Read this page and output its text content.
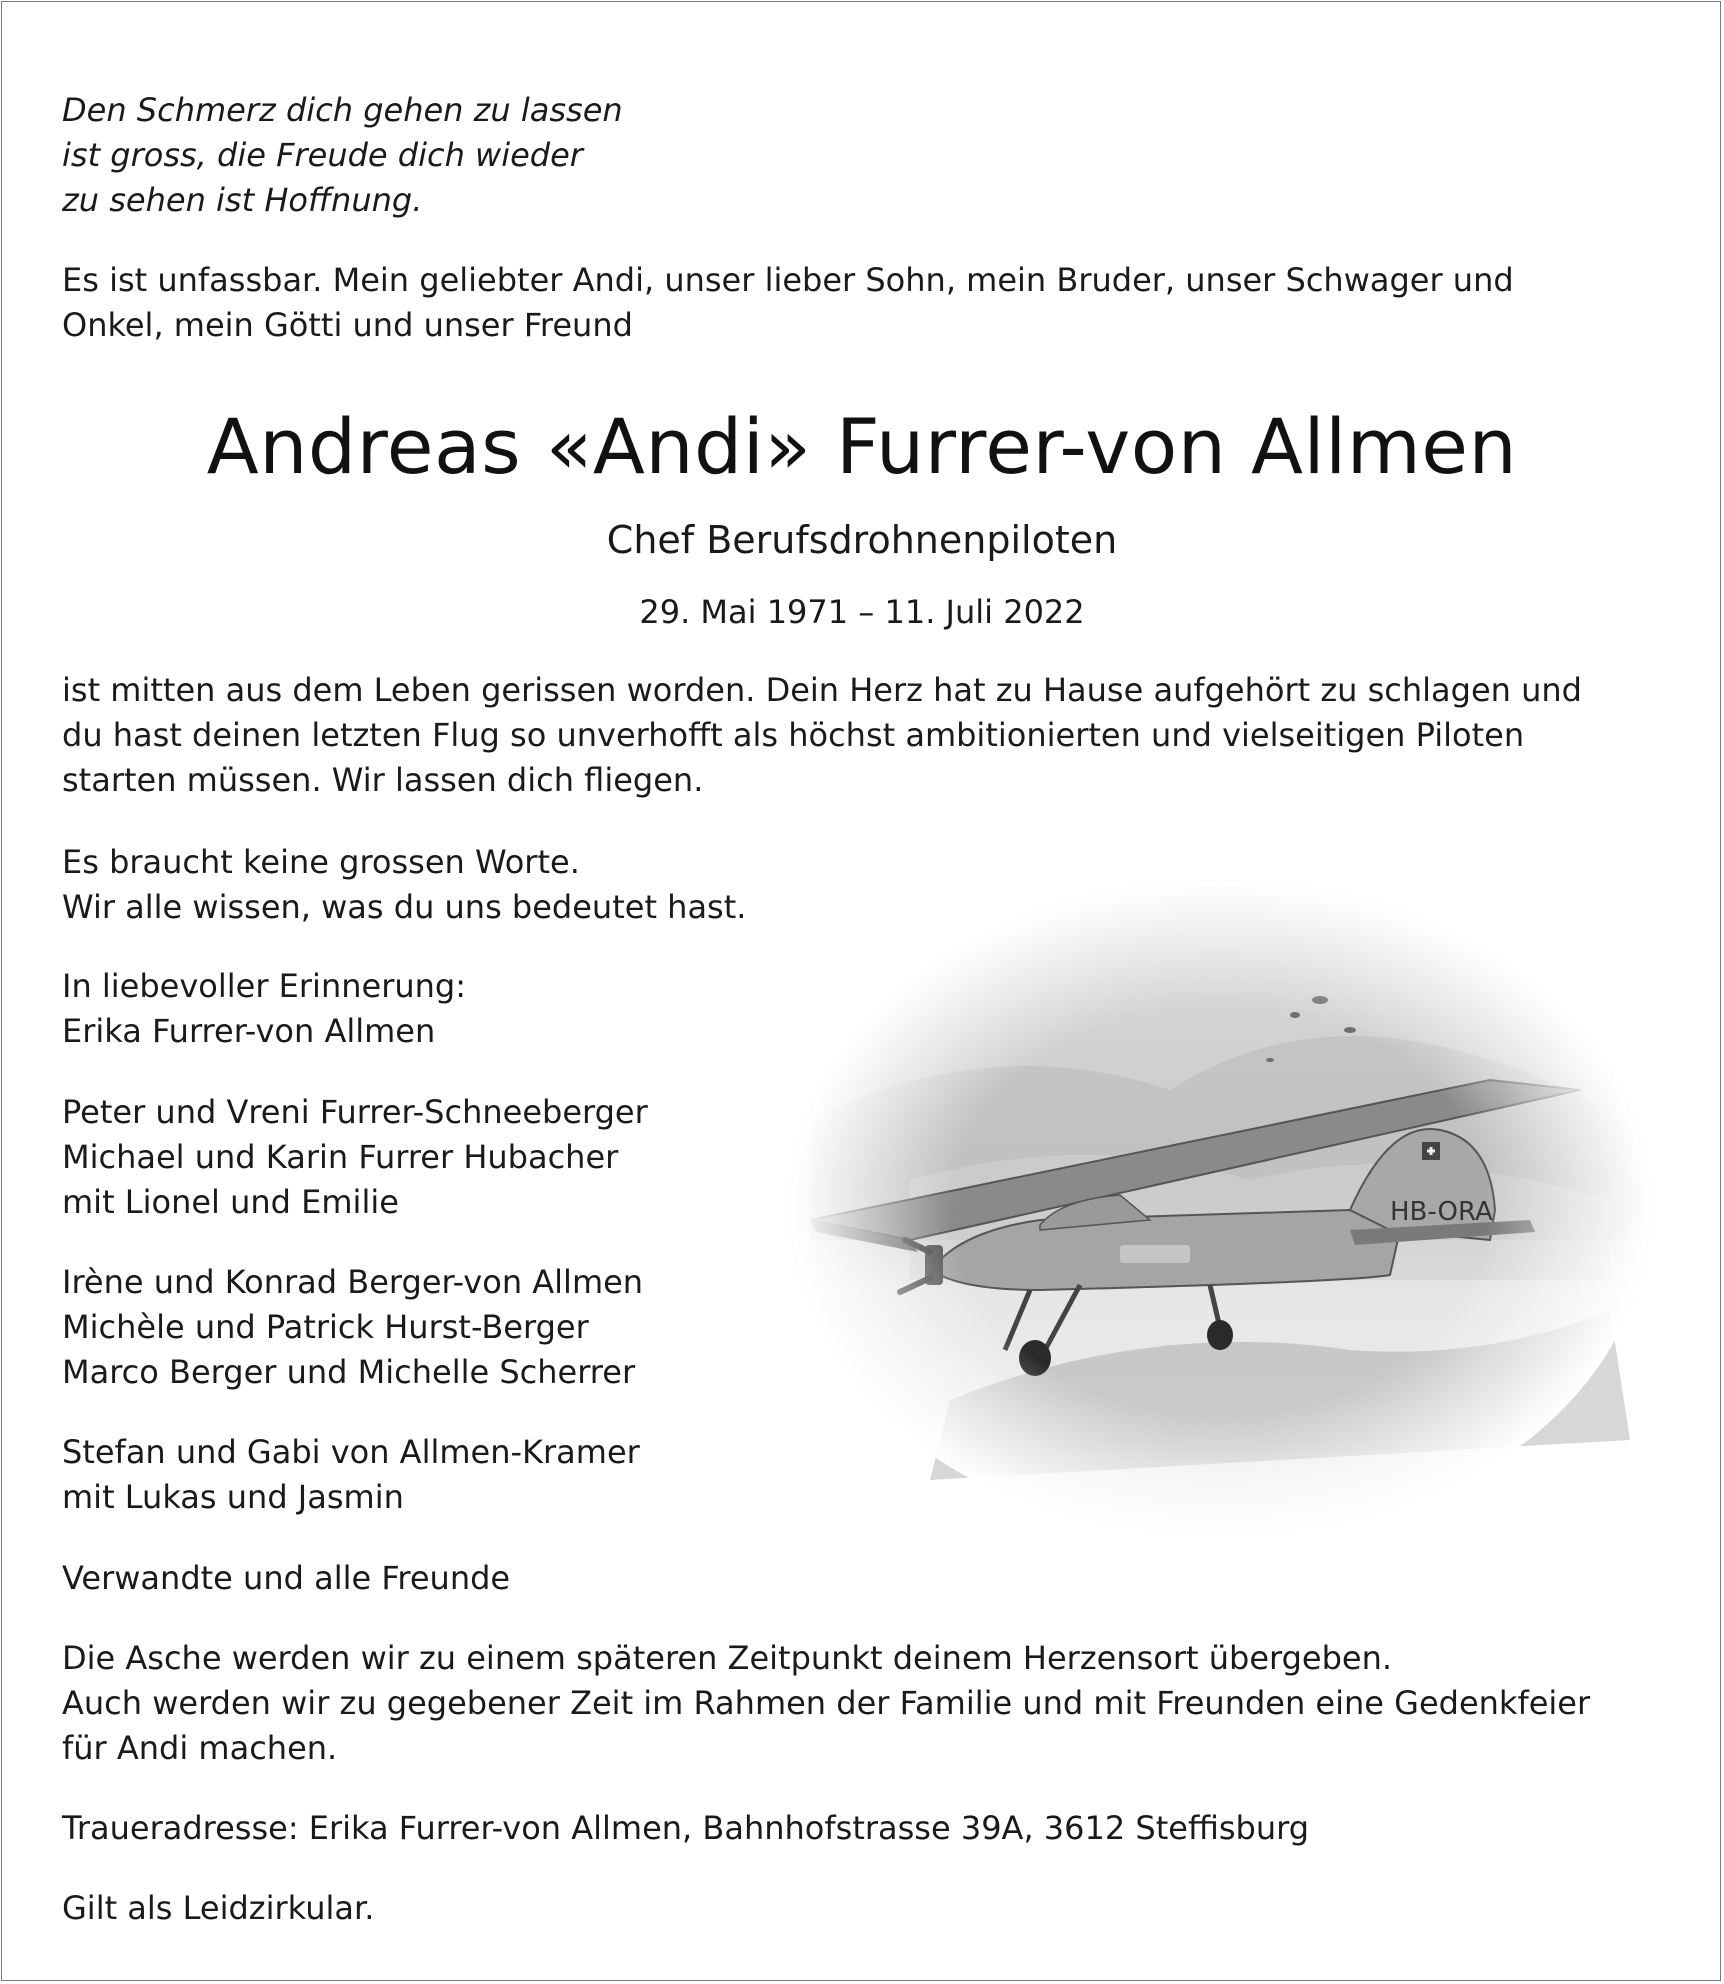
Den Schmerz dich gehen zu lassen
ist gross, die Freude dich wieder
zu sehen ist Hoffnung.

Es ist unfassbar. Mein geliebter Andi, unser lieber Sohn, mein Bruder, unser Schwager und
Onkel, mein Götti und unser Freund

Andreas «Andi» Furrer-von Allmen

Chef Berufsdrohnenpiloten

29. Mai 1971 – 11. Juli 2022

ist mitten aus dem Leben gerissen worden. Dein Herz hat zu Hause aufgehört zu schlagen und
du hast deinen letzten Flug so unverhofft als höchst ambitionierten und vielseitigen Piloten
starten müssen. Wir lassen dich fliegen.

Es braucht keine grossen Worte.
Wir alle wissen, was du uns bedeutet hast.

In liebevoller Erinnerung:
Erika Furrer-von Allmen

Peter und Vreni Furrer-Schneeberger
Michael und Karin Furrer Hubacher
mit Lionel und Emilie

Irène und Konrad Berger-von Allmen
Michèle und Patrick Hurst-Berger
Marco Berger und Michelle Scherrer

Stefan und Gabi von Allmen-Kramer
mit Lukas und Jasmin

Verwandte und alle Freunde

Die Asche werden wir zu einem späteren Zeitpunkt deinem Herzensort übergeben.
Auch werden wir zu gegebener Zeit im Rahmen der Familie und mit Freunden eine Gedenkfeier
für Andi machen.

Traueradresse: Erika Furrer-von Allmen, Bahnhofstrasse 39A, 3612 Steffisburg

Gilt als Leidzirkular.
